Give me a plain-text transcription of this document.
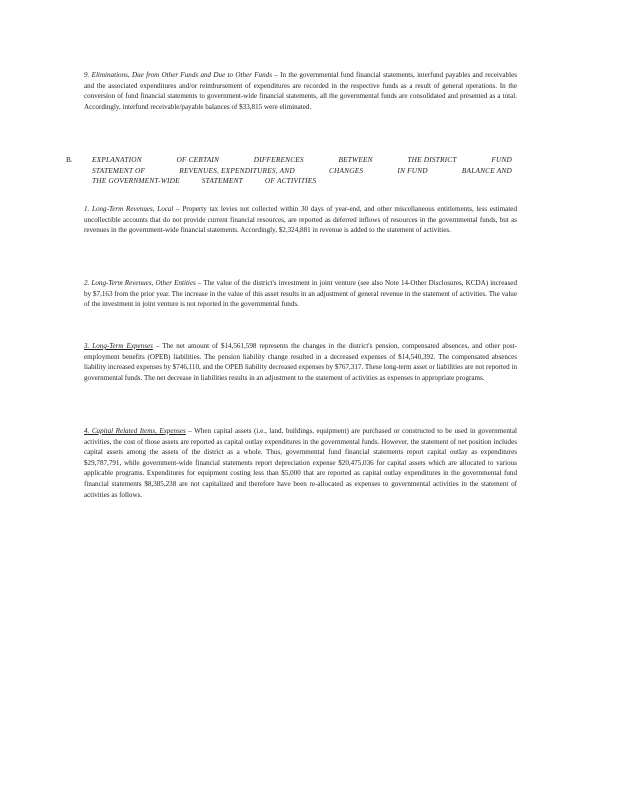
9. Eliminations, Due from Other Funds and Due to Other Funds – In the governmental fund financial statements, interfund payables and receivables and the associated expenditures and/or reimbursement of expenditures are recorded in the respective funds as a result of general operations. In the conversion of fund financial statements to government-wide financial statements, all the governmental funds are consolidated and presented as a total. Accordingly, interfund receivable/payable balances of $33,815 were eliminated.
B.	EXPLANATION	OF CERTAIN	DIFFERENCES	BETWEEN	THE DISTRICT	FUND
STATEMENT OF	REVENUES, EXPENDITURES, AND	CHANGES	IN FUND	BALANCE AND
THE GOVERNMENT-WIDE	STATEMENT	OF ACTIVITIES
1. Long-Term Revenues, Local – Property tax levies not collected within 30 days of year-end, and other miscellaneous entitlements, less estimated uncollectible accounts that do not provide current financial resources, are reported as deferred inflows of resources in the governmental funds, but as revenues in the government-wide financial statements. Accordingly, $2,324,881 in revenue is added to the statement of activities.
2. Long-Term Revenues, Other Entities – The value of the district's investment in joint venture (see also Note 14-Other Disclosures, KCDA) increased by $7,163 from the prior year. The increase in the value of this asset results in an adjustment of general revenue in the statement of activities. The value of the investment in joint venture is not reported in the governmental funds.
3. Long-Term Expenses – The net amount of $14,561,598 represents the changes in the district's pension, compensated absences, and other post-employment benefits (OPEB) liabilities. The pension liability change resulted in a decreased expenses of $14,540,392. The compensated absences liability increased expenses by $746,110, and the OPEB liability decreased expenses by $767,317. These long-term asset or liabilities are not reported in governmental funds. The net decrease in liabilities results in an adjustment to the statement of activities as expenses to appropriate programs.
4. Capital Related Items, Expenses – When capital assets (i.e., land, buildings, equipment) are purchased or constructed to be used in governmental activities, the cost of those assets are reported as capital outlay expenditures in the governmental funds. However, the statement of net position includes capital assets among the assets of the district as a whole. Thus, governmental fund financial statements report capital outlay as expenditures $29,787,791, while government-wide financial statements report depreciation expense $20,475,036 for capital assets which are allocated to various applicable programs. Expenditures for equipment costing less than $5,000 that are reported as capital outlay expenditures in the governmental fund financial statements $8,385,238 are not capitalized and therefore have been re-allocated as expenses to governmental activities in the statement of activities as follows.
